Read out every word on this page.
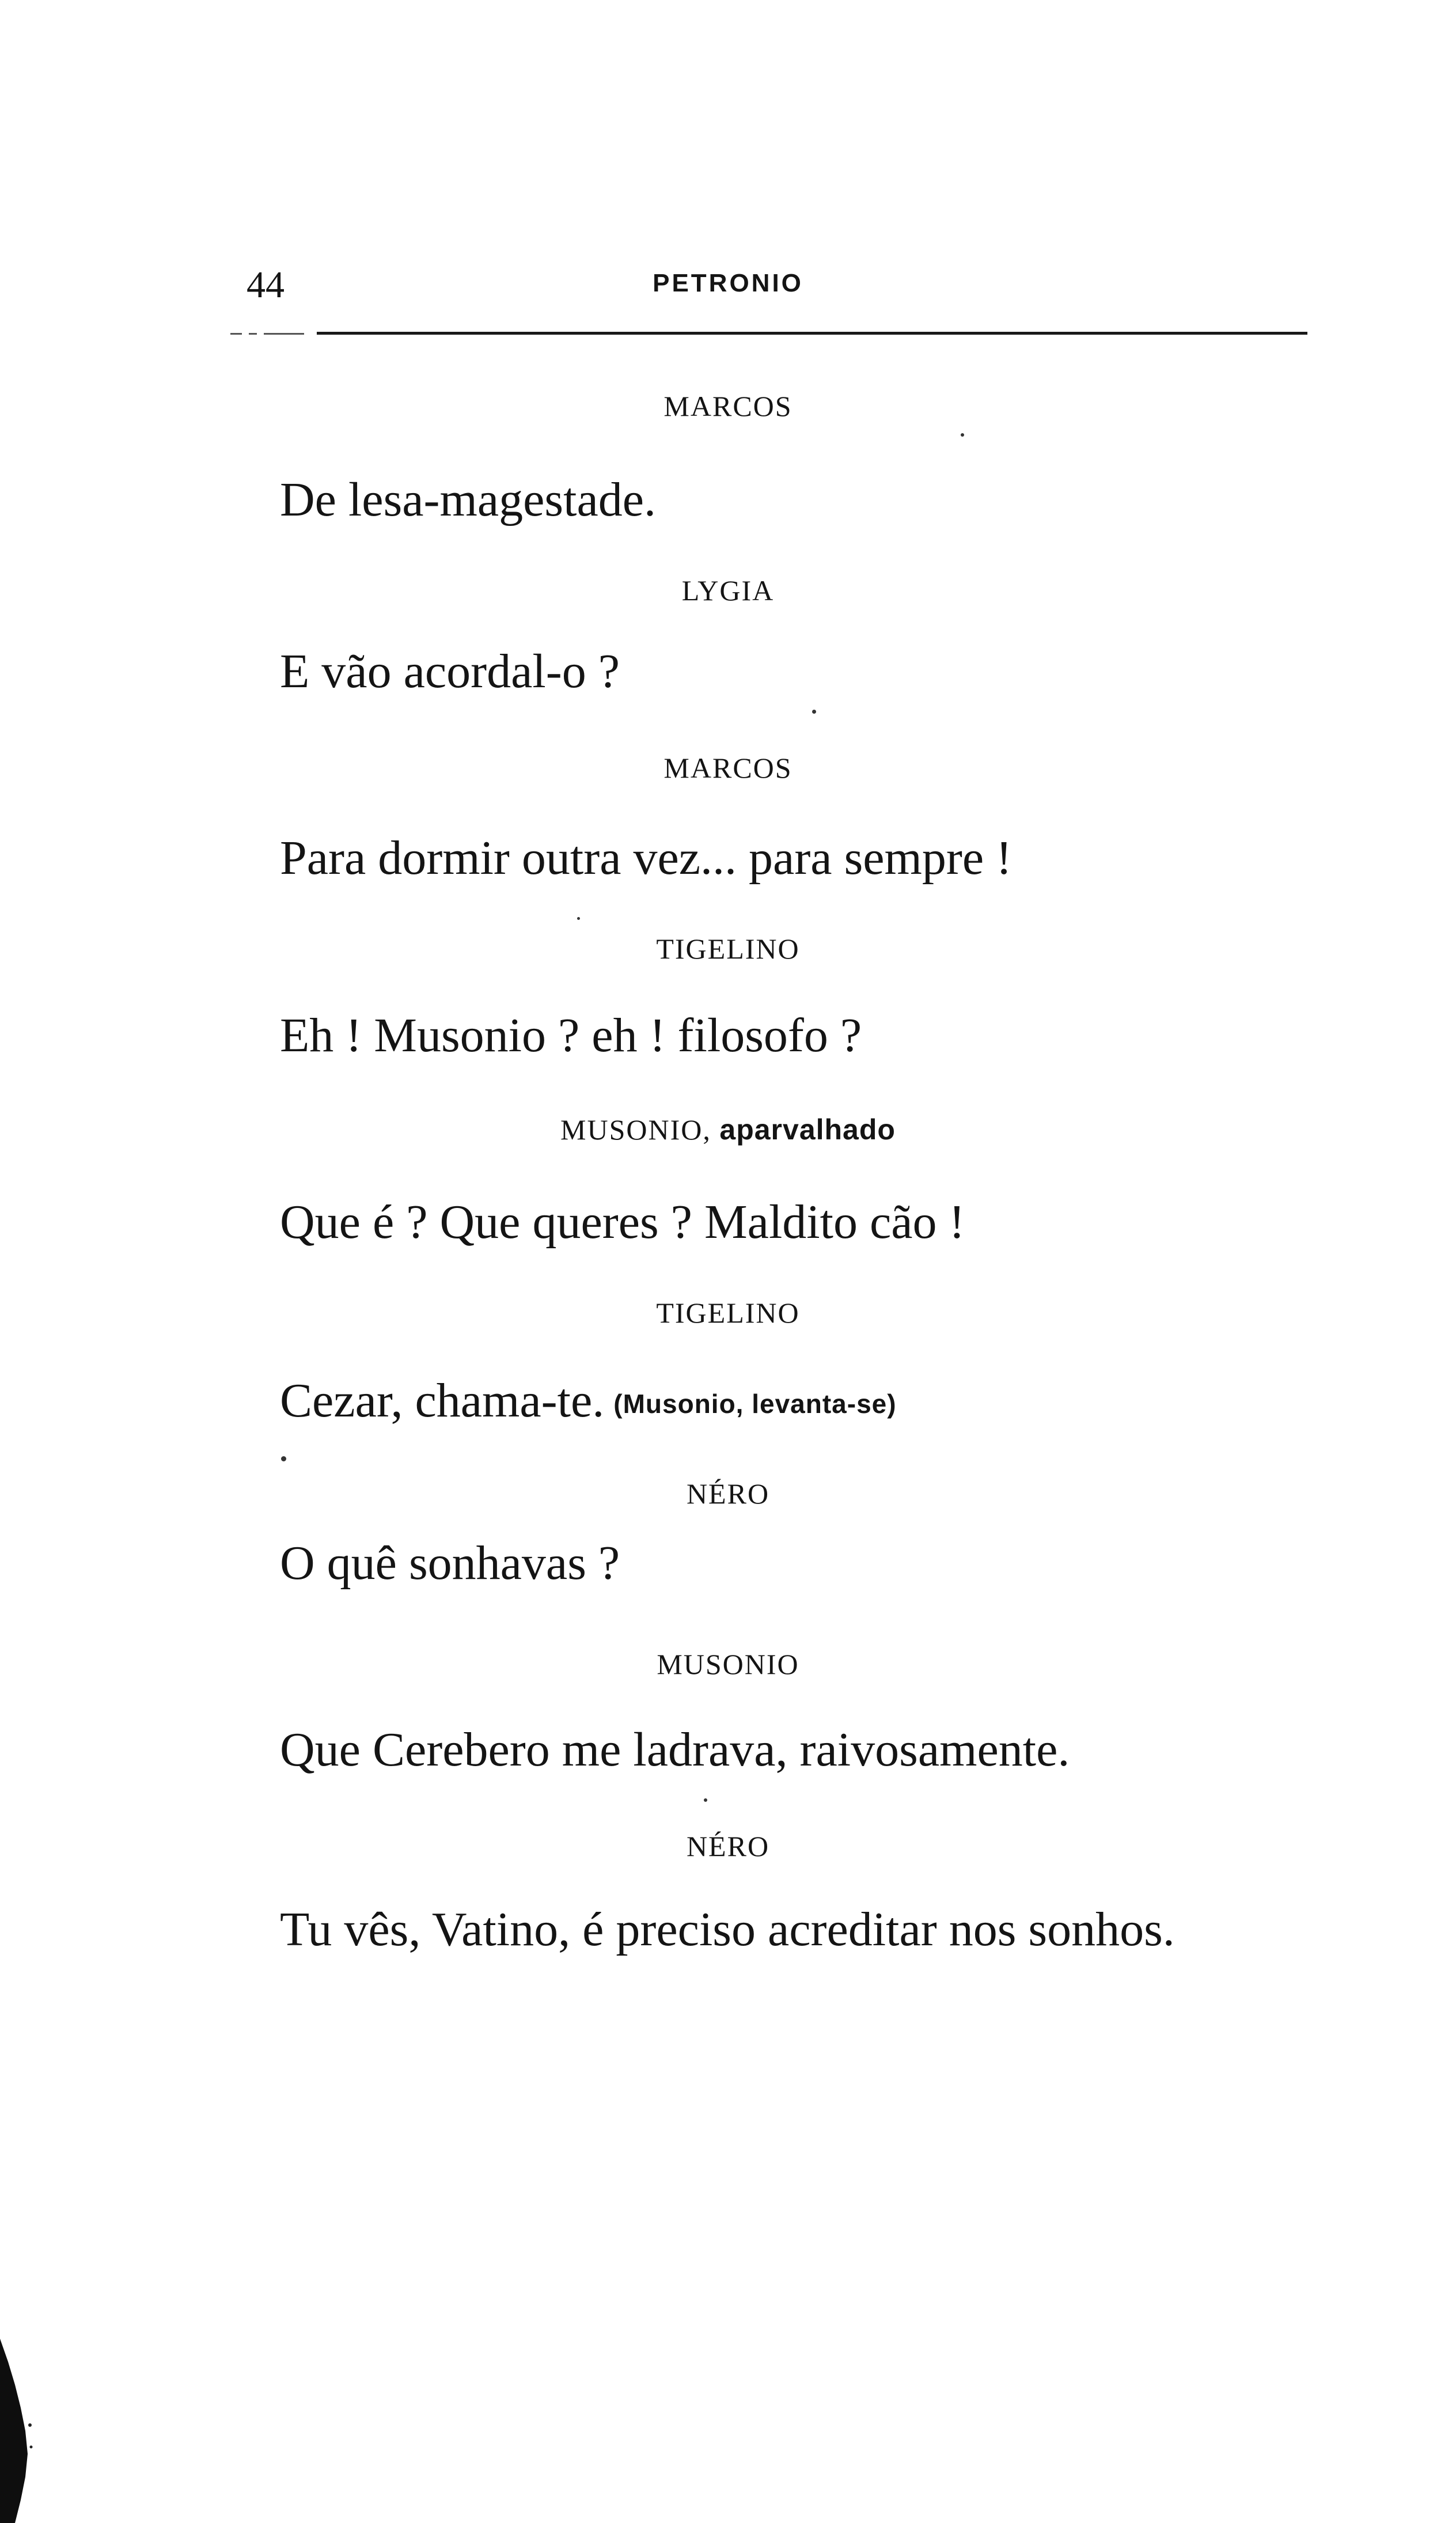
44	PETRONIO
MARCOS
De lesa-magestade.
LYGIA
E vão acordal-o ?
MARCOS
Para dormir outra vez... para sempre !
TIGELINO
Eh ! Musonio ? eh ! filosofo ?
MUSONIO, aparvalhado
Que é ? Que queres ? Maldito cão !
TIGELINO
Cezar, chama-te. (Musonio, levanta-se)
NÉRO
O quê sonhavas ?
MUSONIO
Que Cerebero me ladrava, raivosamente.
NÉRO
Tu vês, Vatino, é preciso acreditar nos sonhos.
